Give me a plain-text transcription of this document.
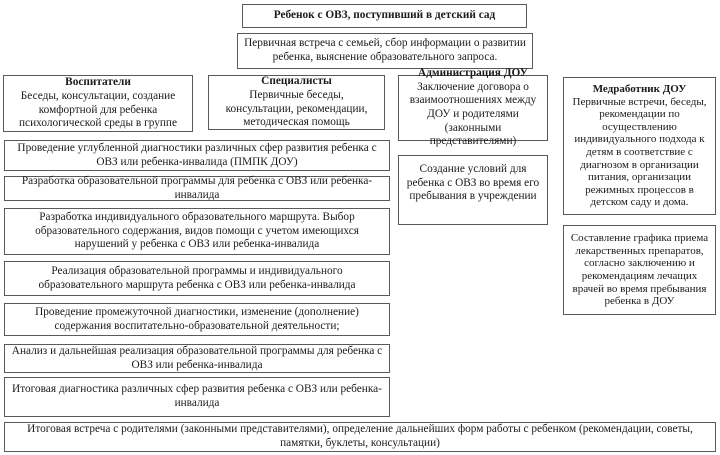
Ребенок с ОВЗ, поступивший в детский сад
Первичная встреча с семьей, сбор информации о развитии ребенка, выяснение образовательного запроса.
Воспитатели
Беседы, консультации, создание комфортной для ребенка психологической среды в группе
Специалисты
Первичные беседы, консультации, рекомендации, методическая помощь
Администрация ДОУ
Заключение договора о взаимоотношениях между ДОУ и родителями (законными представителями)
Медработник ДОУ
Первичные встречи, беседы, рекомендации по осуществлению индивидуального подхода к детям в соответствие с диагнозом в организации питания, организации режимных процессов в детском саду и дома.
Проведение углубленной диагностики различных сфер развития ребенка с ОВЗ или ребенка-инвалида (ПМПК ДОУ)
Разработка образовательной программы для ребенка с ОВЗ или ребенка-инвалида
Разработка индивидуального образовательного маршрута. Выбор образовательного содержания, видов помощи с учетом имеющихся нарушений у ребенка с ОВЗ или ребенка-инвалида
Реализация образовательной программы и индивидуального образовательного маршрута ребенка с ОВЗ или ребенка-инвалида
Проведение промежуточной диагностики, изменение (дополнение) содержания воспитательно-образовательной деятельности;
Анализ и дальнейшая реализация образовательной программы для ребенка с ОВЗ или ребенка-инвалида
Итоговая диагностика различных сфер развития ребенка с ОВЗ или ребенка-инвалида
Создание условий для ребенка с ОВЗ во время его пребывания в учреждении
Составление графика приема лекарственных препаратов, согласно заключению и рекомендациям лечащих врачей во время пребывания ребенка в ДОУ
Итоговая встреча с родителями (законными представителями), определение дальнейших форм работы с ребенком (рекомендации, советы, памятки, буклеты, консультации)
